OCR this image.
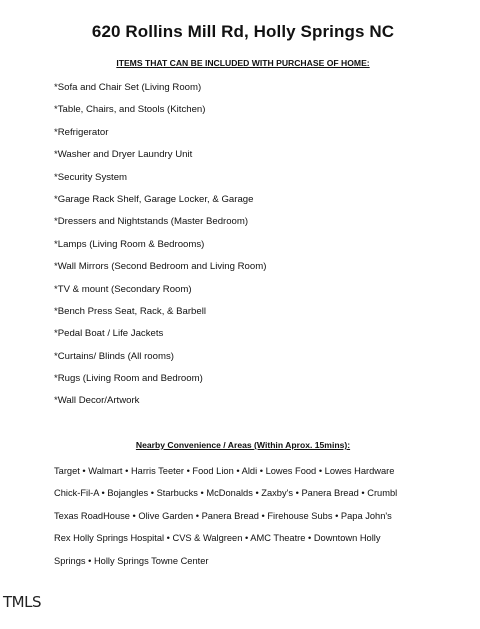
620 Rollins Mill Rd, Holly Springs NC
ITEMS THAT CAN BE INCLUDED WITH PURCHASE OF HOME:
*Sofa and Chair Set (Living Room)
*Table, Chairs, and Stools (Kitchen)
*Refrigerator
*Washer and Dryer Laundry Unit
*Security System
*Garage Rack Shelf, Garage Locker, & Garage
*Dressers and Nightstands (Master Bedroom)
*Lamps (Living Room & Bedrooms)
*Wall Mirrors (Second Bedroom and Living Room)
*TV & mount (Secondary Room)
*Bench Press Seat, Rack, & Barbell
*Pedal Boat / Life Jackets
*Curtains/ Blinds (All rooms)
*Rugs (Living Room and Bedroom)
*Wall Decor/Artwork
Nearby Convenience / Areas (Within Aprox. 15mins):
Target • Walmart • Harris Teeter • Food Lion • Aldi • Lowes Food • Lowes Hardware
Chick-Fil-A • Bojangles • Starbucks • McDonalds • Zaxby's • Panera Bread • Crumbl
Texas RoadHouse • Olive Garden • Panera Bread • Firehouse Subs • Papa John's
Rex Holly Springs Hospital • CVS & Walgreen • AMC Theatre • Downtown Holly
Springs • Holly Springs Towne Center
TMLS
